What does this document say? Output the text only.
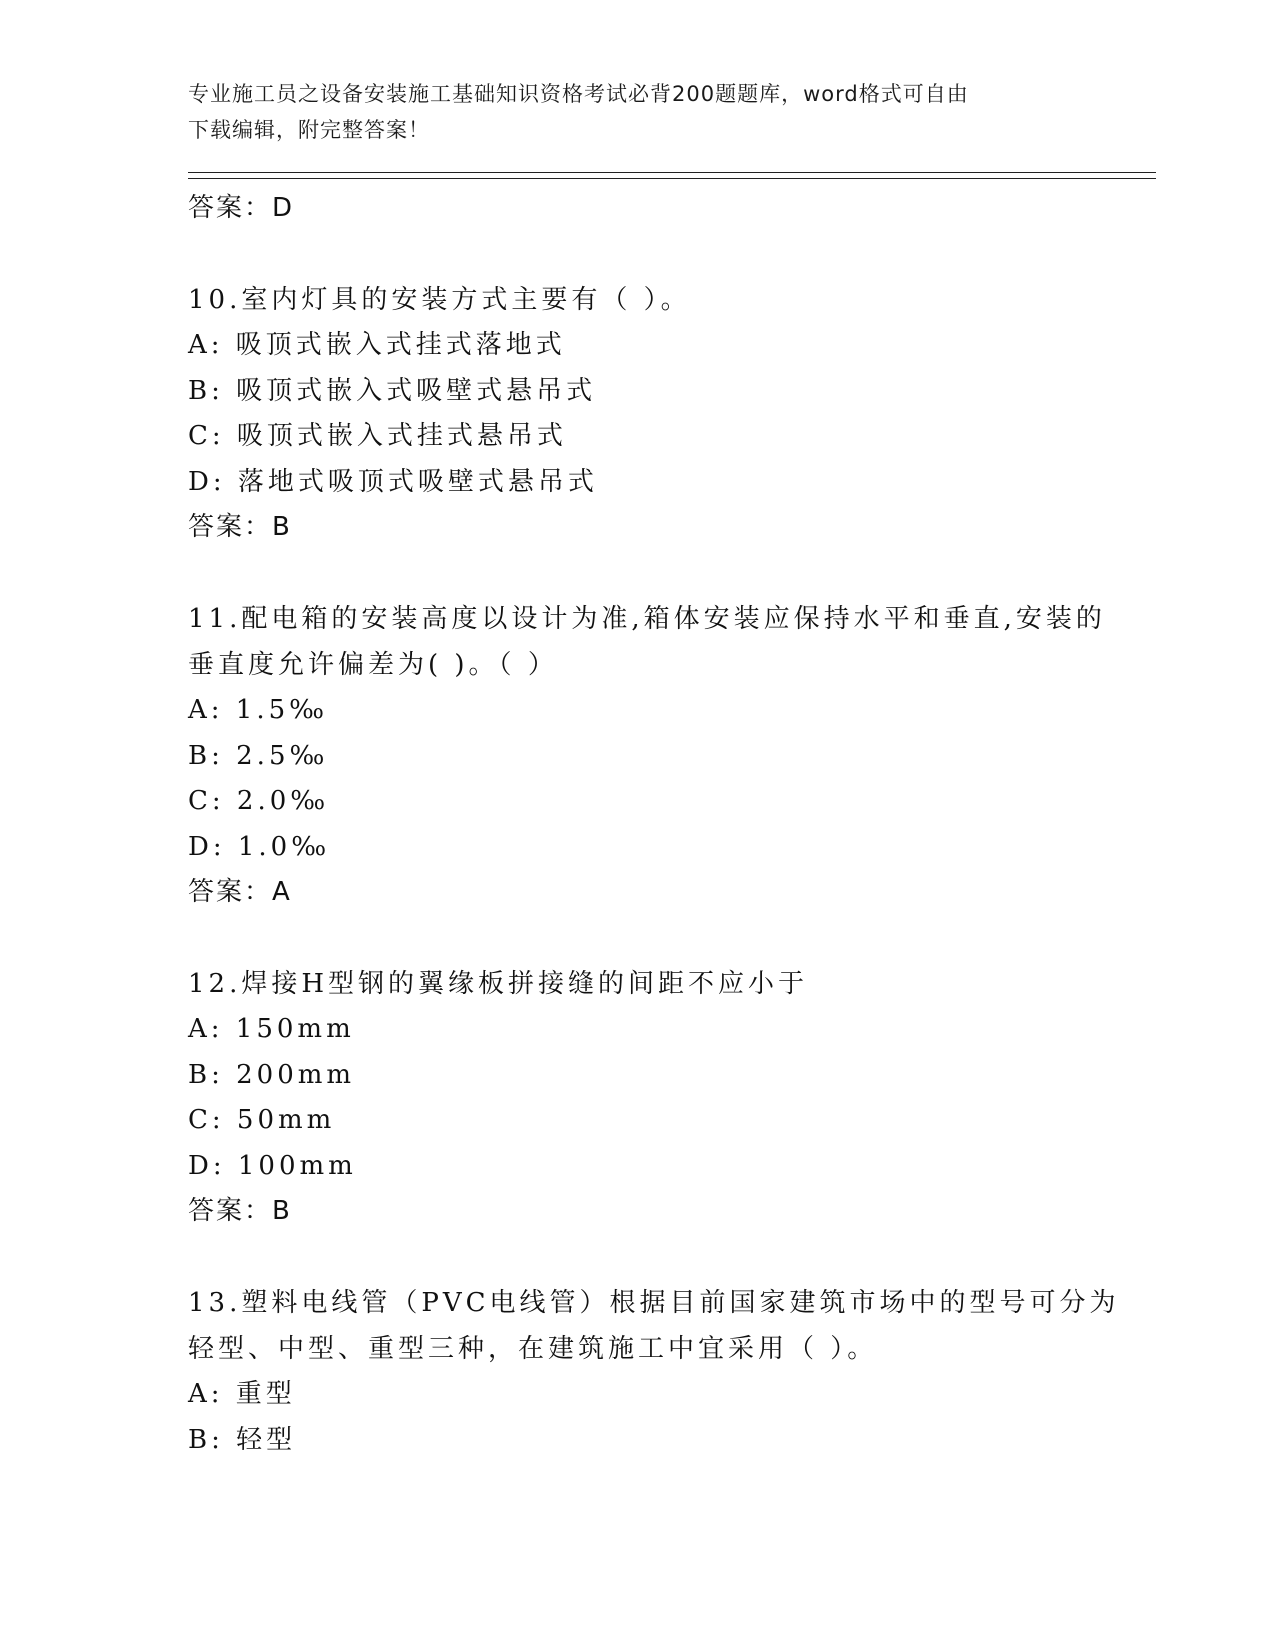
专业施工员之设备安装施工基础知识资格考试必背200题题库，word格式可自由
下载编辑，附完整答案！
答案：D
10.室内灯具的安装方式主要有（ ）。
A: 吸顶式嵌入式挂式落地式
B: 吸顶式嵌入式吸壁式悬吊式
C: 吸顶式嵌入式挂式悬吊式
D: 落地式吸顶式吸壁式悬吊式
答案：B
11.配电箱的安装高度以设计为准,箱体安装应保持水平和垂直,安装的
垂直度允许偏差为( )。（ ）
A: 1.5‰
B: 2.5‰
C: 2.0‰
D: 1.0‰
答案：A
12.焊接H型钢的翼缘板拼接缝的间距不应小于
A: 150mm
B: 200mm
C: 50mm
D: 100mm
答案：B
13.塑料电线管（PVC电线管）根据目前国家建筑市场中的型号可分为
轻型、中型、重型三种，在建筑施工中宜采用（ ）。
A: 重型
B: 轻型
